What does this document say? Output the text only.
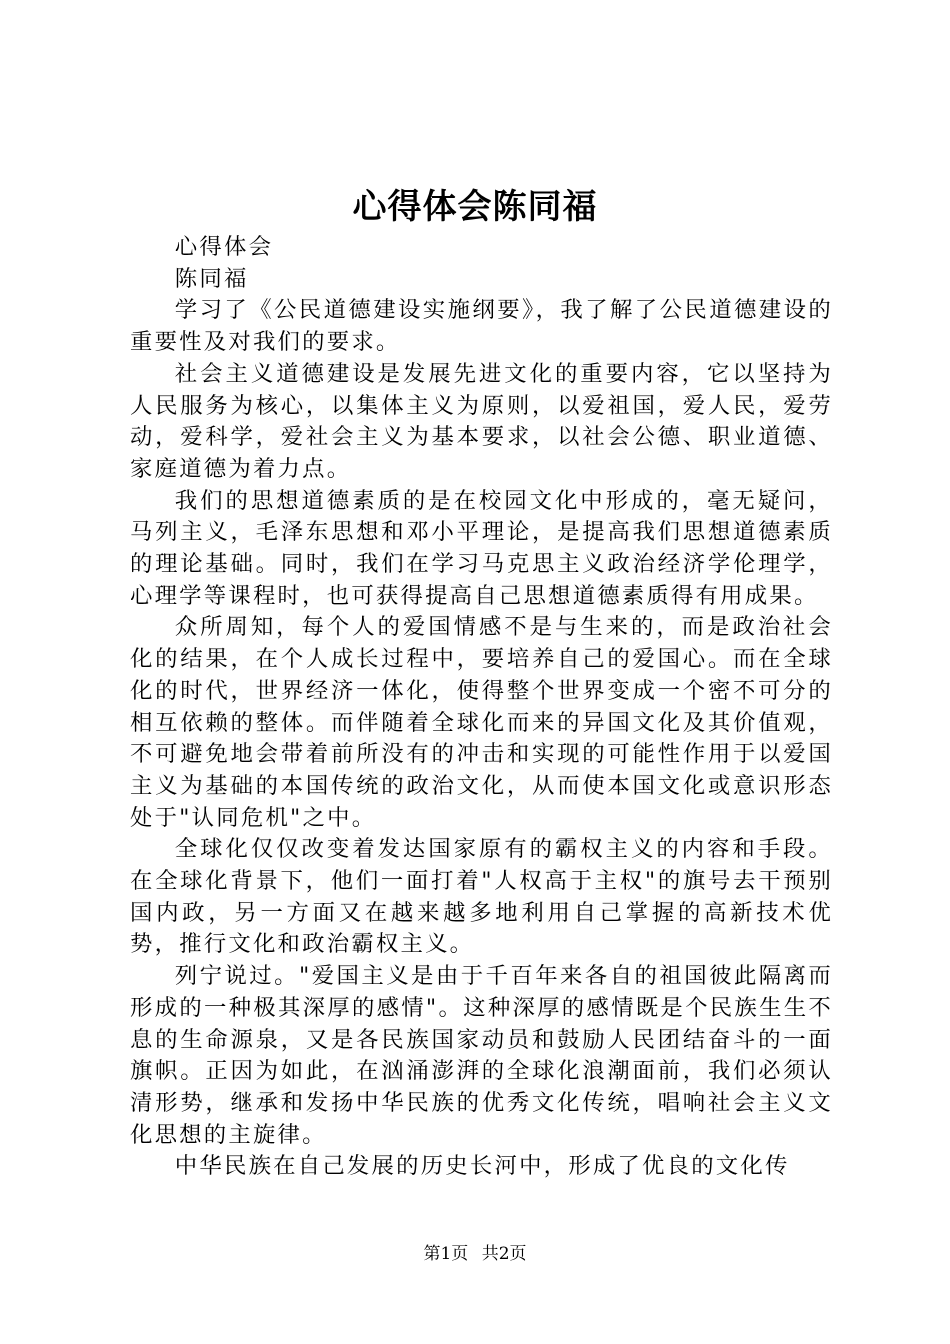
心得体会陈同福

心得体会

陈同福

学习了《公民道德建设实施纲要》，我了解了公民道德建设的重要性及对我们的要求。

社会主义道德建设是发展先进文化的重要内容，它以坚持为人民服务为核心，以集体主义为原则，以爱祖国，爱人民，爱劳动，爱科学，爱社会主义为基本要求，以社会公德、职业道德、家庭道德为着力点。

我们的思想道德素质的是在校园文化中形成的，毫无疑问，马列主义，毛泽东思想和邓小平理论，是提高我们思想道德素质的理论基础。同时，我们在学习马克思主义政治经济学伦理学，心理学等课程时，也可获得提高自己思想道德素质得有用成果。

众所周知，每个人的爱国情感不是与生来的，而是政治社会化的结果，在个人成长过程中，要培养自己的爱国心。而在全球化的时代，世界经济一体化，使得整个世界变成一个密不可分的相互依赖的整体。而伴随着全球化而来的异国文化及其价值观，不可避免地会带着前所没有的冲击和实现的可能性作用于以爱国主义为基础的本国传统的政治文化，从而使本国文化或意识形态处于"认同危机"之中。

全球化仅仅改变着发达国家原有的霸权主义的内容和手段。在全球化背景下，他们一面打着"人权高于主权"的旗号去干预别国内政，另一方面又在越来越多地利用自己掌握的高新技术优势，推行文化和政治霸权主义。

列宁说过。"爱国主义是由于千百年来各自的祖国彼此隔离而形成的一种极其深厚的感情"。这种深厚的感情既是个民族生生不息的生命源泉，又是各民族国家动员和鼓励人民团结奋斗的一面旗帜。正因为如此，在汹涌澎湃的全球化浪潮面前，我们必须认清形势，继承和发扬中华民族的优秀文化传统，唱响社会主义文化思想的主旋律。

中华民族在自己发展的历史长河中，形成了优良的文化传

第1页 共2页
